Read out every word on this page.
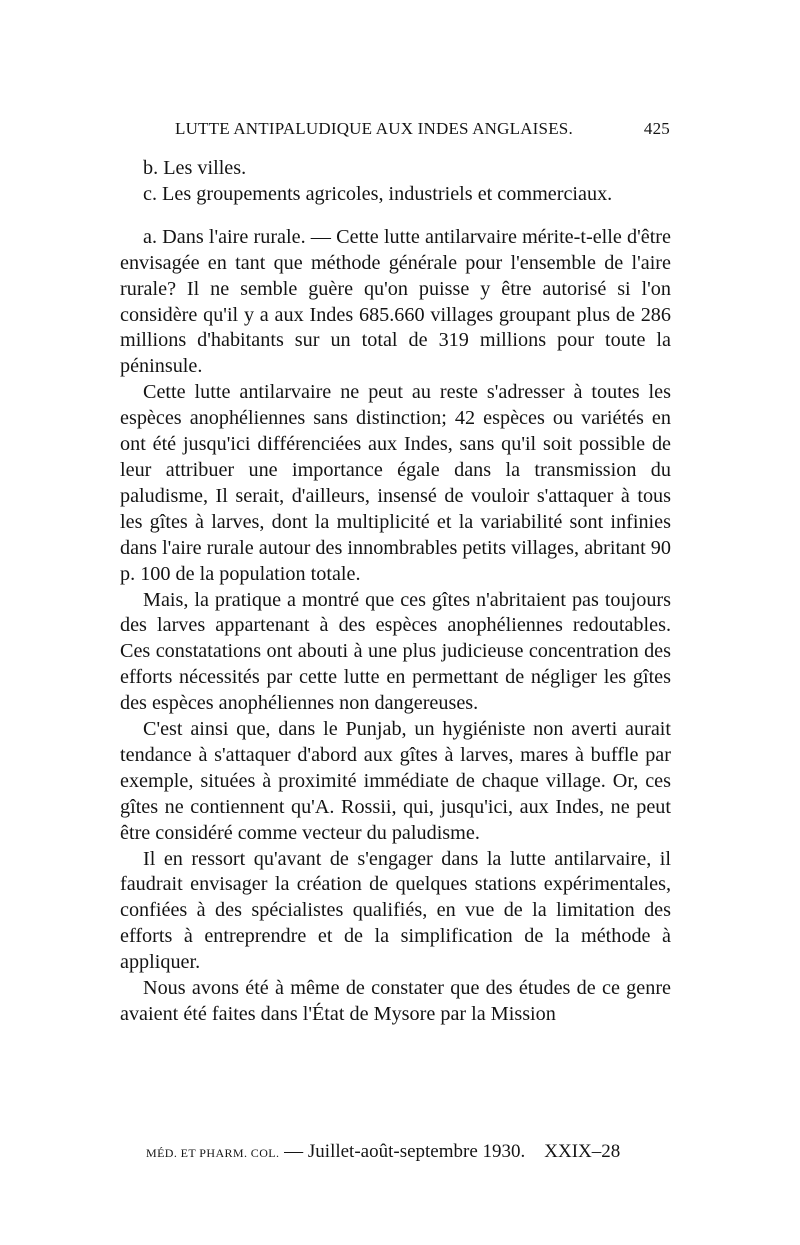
LUTTE ANTIPALUDIQUE AUX INDES ANGLAISES.	425

b. Les villes.

c. Les groupements agricoles, industriels et commerciaux.

a. Dans l'aire rurale. — Cette lutte antilarvaire mérite-t-elle d'être envisagée en tant que méthode générale pour l'ensemble de l'aire rurale? Il ne semble guère qu'on puisse y être autorisé si l'on considère qu'il y a aux Indes 685.660 villages groupant plus de 286 millions d'habitants sur un total de 319 millions pour toute la péninsule.

Cette lutte antilarvaire ne peut au reste s'adresser à toutes les espèces anophéliennes sans distinction; 42 espèces ou variétés en ont été jusqu'ici différenciées aux Indes, sans qu'il soit possible de leur attribuer une importance égale dans la transmission du paludisme, Il serait, d'ailleurs, insensé de vouloir s'attaquer à tous les gîtes à larves, dont la multiplicité et la variabilité sont infinies dans l'aire rurale autour des innombrables petits villages, abritant 90 p. 100 de la population totale.

Mais, la pratique a montré que ces gîtes n'abritaient pas toujours des larves appartenant à des espèces anophéliennes redoutables. Ces constatations ont abouti à une plus judicieuse concentration des efforts nécessités par cette lutte en permettant de négliger les gîtes des espèces anophéliennes non dangereuses.

C'est ainsi que, dans le Punjab, un hygiéniste non averti aurait tendance à s'attaquer d'abord aux gîtes à larves, mares à buffle par exemple, situées à proximité immédiate de chaque village. Or, ces gîtes ne contiennent qu'A. Rossii, qui, jusqu'ici, aux Indes, ne peut être considéré comme vecteur du paludisme.

Il en ressort qu'avant de s'engager dans la lutte antilarvaire, il faudrait envisager la création de quelques stations expérimentales, confiées à des spécialistes qualifiés, en vue de la limitation des efforts à entreprendre et de la simplification de la méthode à appliquer.

Nous avons été à même de constater que des études de ce genre avaient été faites dans l'État de Mysore par la Mission

MÉD. ET PHARM. COL. — Juillet-août-septembre 1930. XXIX–28
